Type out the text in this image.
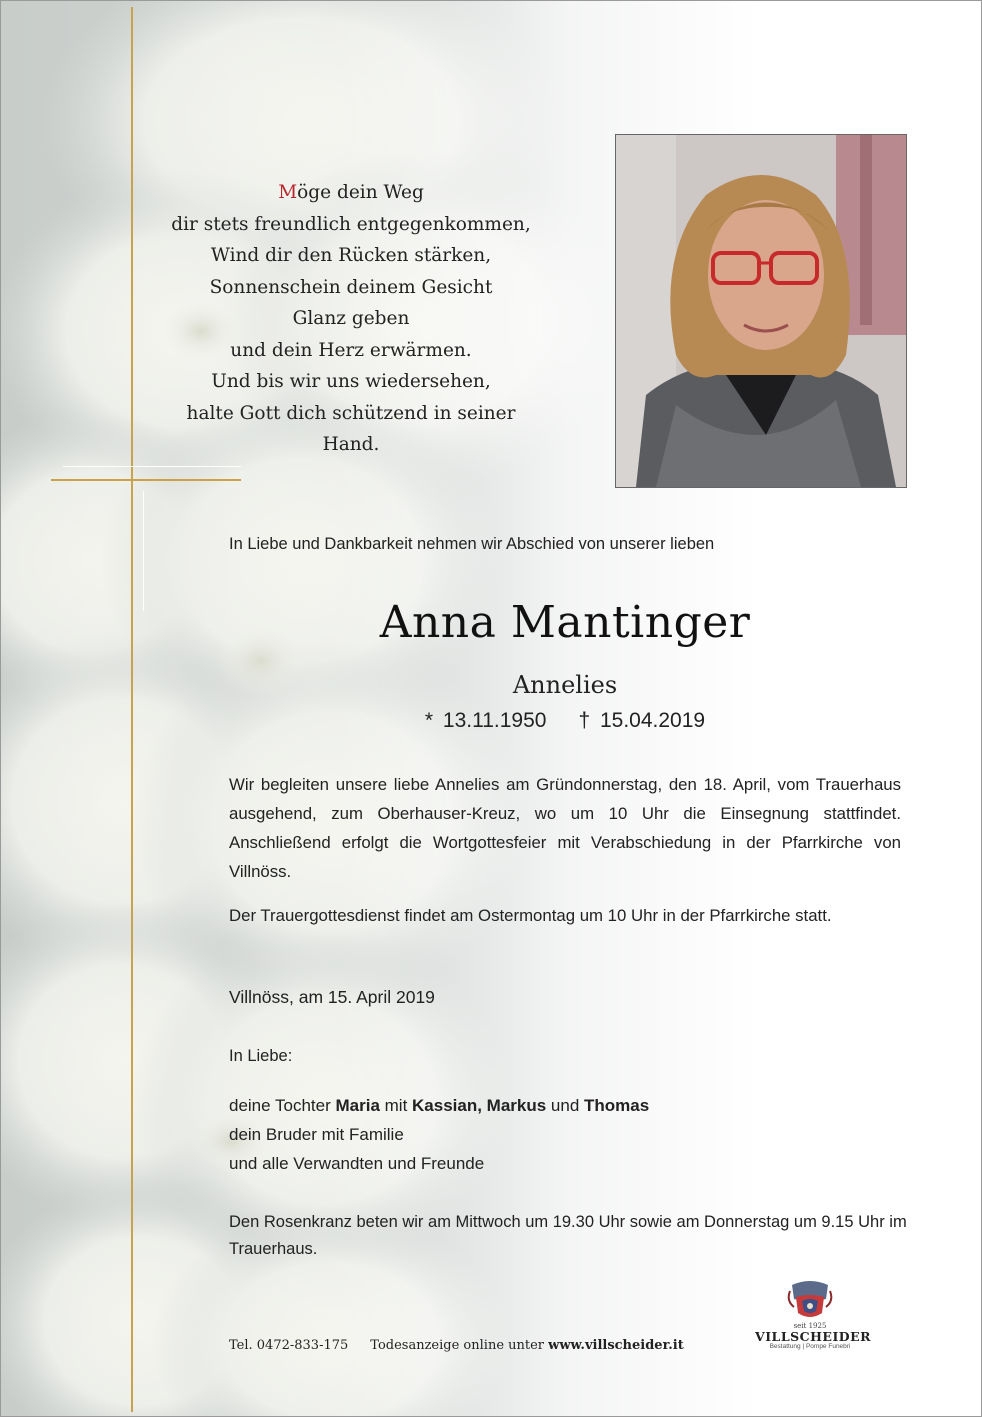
Möge dein Weg
dir stets freundlich entgegenkommen,
Wind dir den Rücken stärken,
Sonnenschein deinem Gesicht
Glanz geben
und dein Herz erwärmen.
Und bis wir uns wiedersehen,
halte Gott dich schützend in seiner Hand.
In Liebe und Dankbarkeit nehmen wir Abschied von unserer lieben
Anna Mantinger
Annelies
* 13.11.1950 † 15.04.2019
Wir begleiten unsere liebe Annelies am Gründonnerstag, den 18. April, vom Trauerhaus ausgehend, zum Oberhauser-Kreuz, wo um 10 Uhr die Einsegnung stattfindet. Anschließend erfolgt die Wortgottesfeier mit Verabschiedung in der Pfarrkirche von Villnöss.
Der Trauergottesdienst findet am Ostermontag um 10 Uhr in der Pfarrkirche statt.
Villnöss, am 15. April 2019
In Liebe:
deine Tochter Maria mit Kassian, Markus und Thomas
dein Bruder mit Familie
und alle Verwandten und Freunde
Den Rosenkranz beten wir am Mittwoch um 19.30 Uhr sowie am Donnerstag um 9.15 Uhr im Trauerhaus.
Tel. 0472-833-175 Todesanzeige online unter www.villscheider.it
seit 1925
VILLSCHEIDER
Bestattung | Pompe Funebri
